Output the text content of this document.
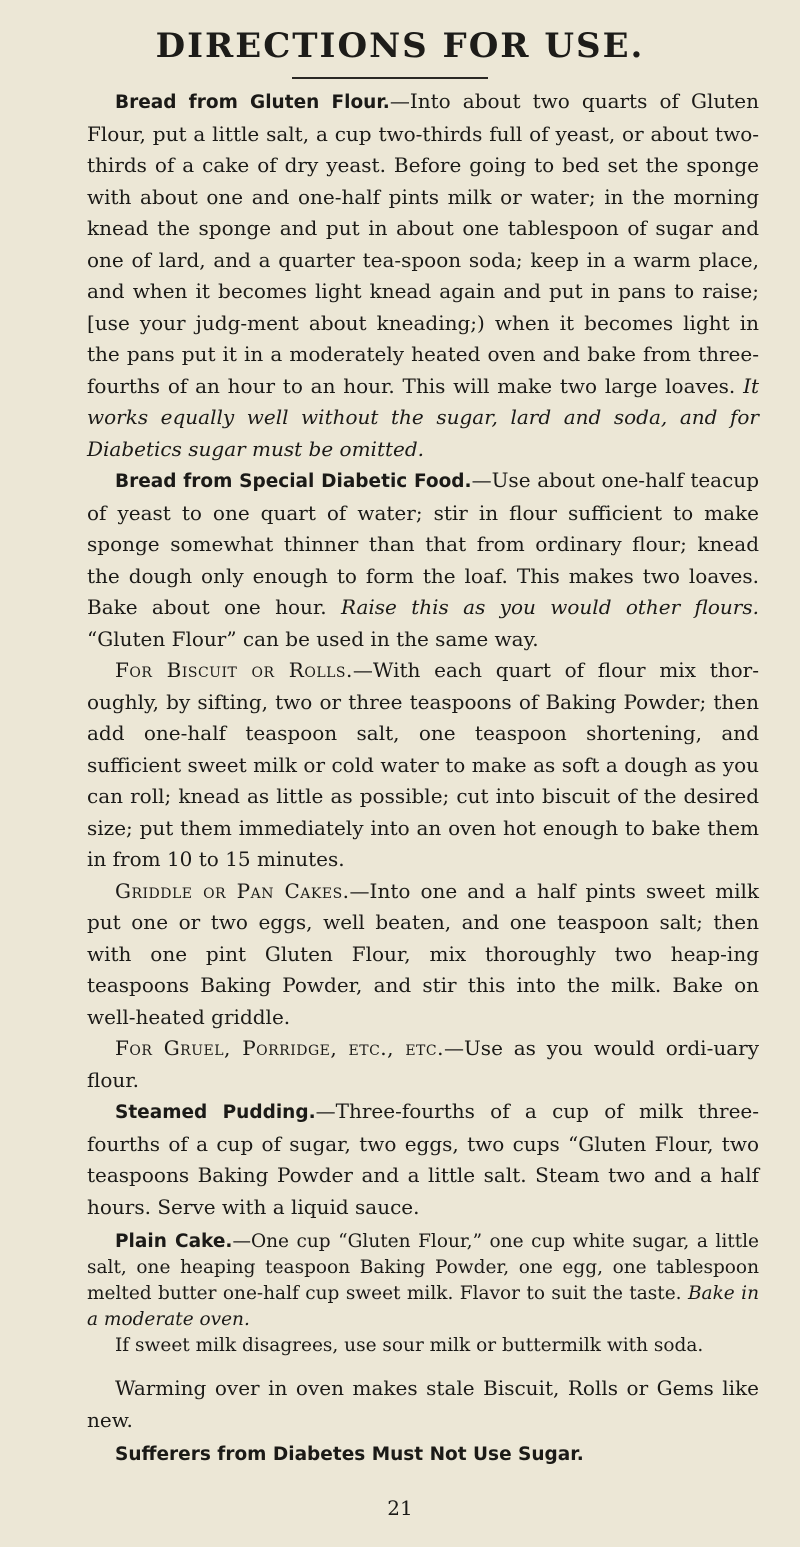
DIRECTIONS FOR USE.

Bread from Gluten Flour.—Into about two quarts of Gluten Flour, put a little salt, a cup two-thirds full of yeast, or about two-thirds of a cake of dry yeast. Before going to bed set the sponge with about one and one-half pints milk or water; in the morning knead the sponge and put in about one tablespoon of sugar and one of lard, and a quarter tea-spoon soda; keep in a warm place, and when it becomes light knead again and put in pans to raise; [use your judg-ment about kneading;) when it becomes light in the pans put it in a moderately heated oven and bake from three-fourths of an hour to an hour. This will make two large loaves. It works equally well without the sugar, lard and soda, and for Diabetics sugar must be omitted.

Bread from Special Diabetic Food.—Use about one-half teacup of yeast to one quart of water; stir in flour sufficient to make sponge somewhat thinner than that from ordinary flour; knead the dough only enough to form the loaf. This makes two loaves. Bake about one hour. Raise this as you would other flours. “Gluten Flour” can be used in the same way.

For Biscuit or Rolls.—With each quart of flour mix thor-oughly, by sifting, two or three teaspoons of Baking Powder; then add one-half teaspoon salt, one teaspoon shortening, and sufficient sweet milk or cold water to make as soft a dough as you can roll; knead as little as possible; cut into biscuit of the desired size; put them immediately into an oven hot enough to bake them in from 10 to 15 minutes.

Griddle or Pan Cakes.—Into one and a half pints sweet milk put one or two eggs, well beaten, and one teaspoon salt; then with one pint Gluten Flour, mix thoroughly two heap-ing teaspoons Baking Powder, and stir this into the milk. Bake on well-heated griddle.

For Gruel, Porridge, etc., etc.—Use as you would ordi-uary flour.

Steamed Pudding.—Three-fourths of a cup of milk three-fourths of a cup of sugar, two eggs, two cups “Gluten Flour, two teaspoons Baking Powder and a little salt. Steam two and a half hours. Serve with a liquid sauce.

Plain Cake.—One cup “Gluten Flour,” one cup white sugar, a little salt, one heaping teaspoon Baking Powder, one egg, one tablespoon melted butter one-half cup sweet milk. Flavor to suit the taste. Bake in a moderate oven.

If sweet milk disagrees, use sour milk or buttermilk with soda.

Warming over in oven makes stale Biscuit, Rolls or Gems like new.

Sufferers from Diabetes Must Not Use Sugar.

21
